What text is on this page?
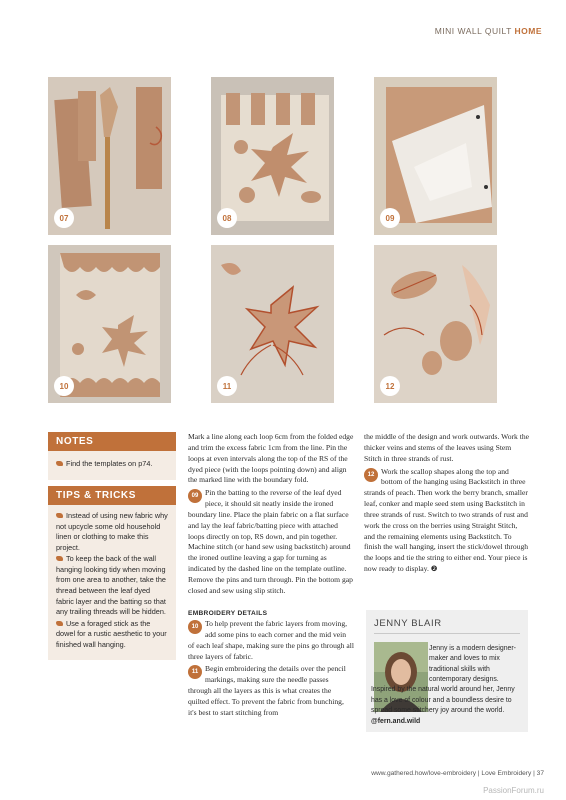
MINI WALL QUILT HOME
07	08	09
10	11	12
NOTES
Find the templates on p74.
TIPS & TRICKS
Instead of using new fabric why not upcycle some old household linen or clothing to make this project.
To keep the back of the wall hanging looking tidy when moving from one area to another, take the thread between the leaf dyed fabric layer and the batting so that any trailing threads will be hidden.
Use a foraged stick as the dowel for a rustic aesthetic to your finished wall hanging.

Mark a line along each loop 6cm from the folded edge and trim the excess fabric 1cm from the line. Pin the loops at even intervals along the top of the RS of the dyed piece (with the loops pointing down) and align the marked line with the boundary fold.

09 Pin the batting to the reverse of the leaf dyed piece, it should sit neatly inside the ironed boundary line. Place the plain fabric on a flat surface and lay the leaf fabric/batting piece with attached loops directly on top, RS down, and pin together. Machine stitch (or hand sew using backstitch) around the ironed outline leaving a gap for turning as indicated by the dashed line on the template outline. Remove the pins and turn through. Pin the bottom gap closed and sew using slip stitch.

EMBROIDERY DETAILS

10 To help prevent the fabric layers from moving, add some pins to each corner and the mid vein of each leaf shape, making sure the pins go through all three layers of fabric.

11 Begin embroidering the details over the pencil markings, making sure the needle passes through all the layers as this is what creates the quilted effect. To prevent the fabric from bunching, it's best to start stitching from

the middle of the design and work outwards. Work the thicker veins and stems of the leaves using Stem Stitch in three strands of rust.

12 Work the scallop shapes along the top and bottom of the hanging using Backstitch in three strands of peach. Then work the berry branch, smaller leaf, conker and maple seed stem using Backstitch in three strands of rust. Switch to two strands of rust and work the cross on the berries using Straight Stitch, and the remaining elements using Backstitch. To finish the wall hanging, insert the stick/dowel through the loops and tie the string to either end. Your piece is now ready to display. ❷

JENNY BLAIR
Jenny is a modern designer-maker and loves to mix traditional skills with contemporary designs.
Inspired by the natural world around her, Jenny has a love of colour and a boundless desire to spread some stitchery joy around the world. @fern.and.wild
www.gathered.how/love-embroidery | Love Embroidery | 37
PassionForum.ru
